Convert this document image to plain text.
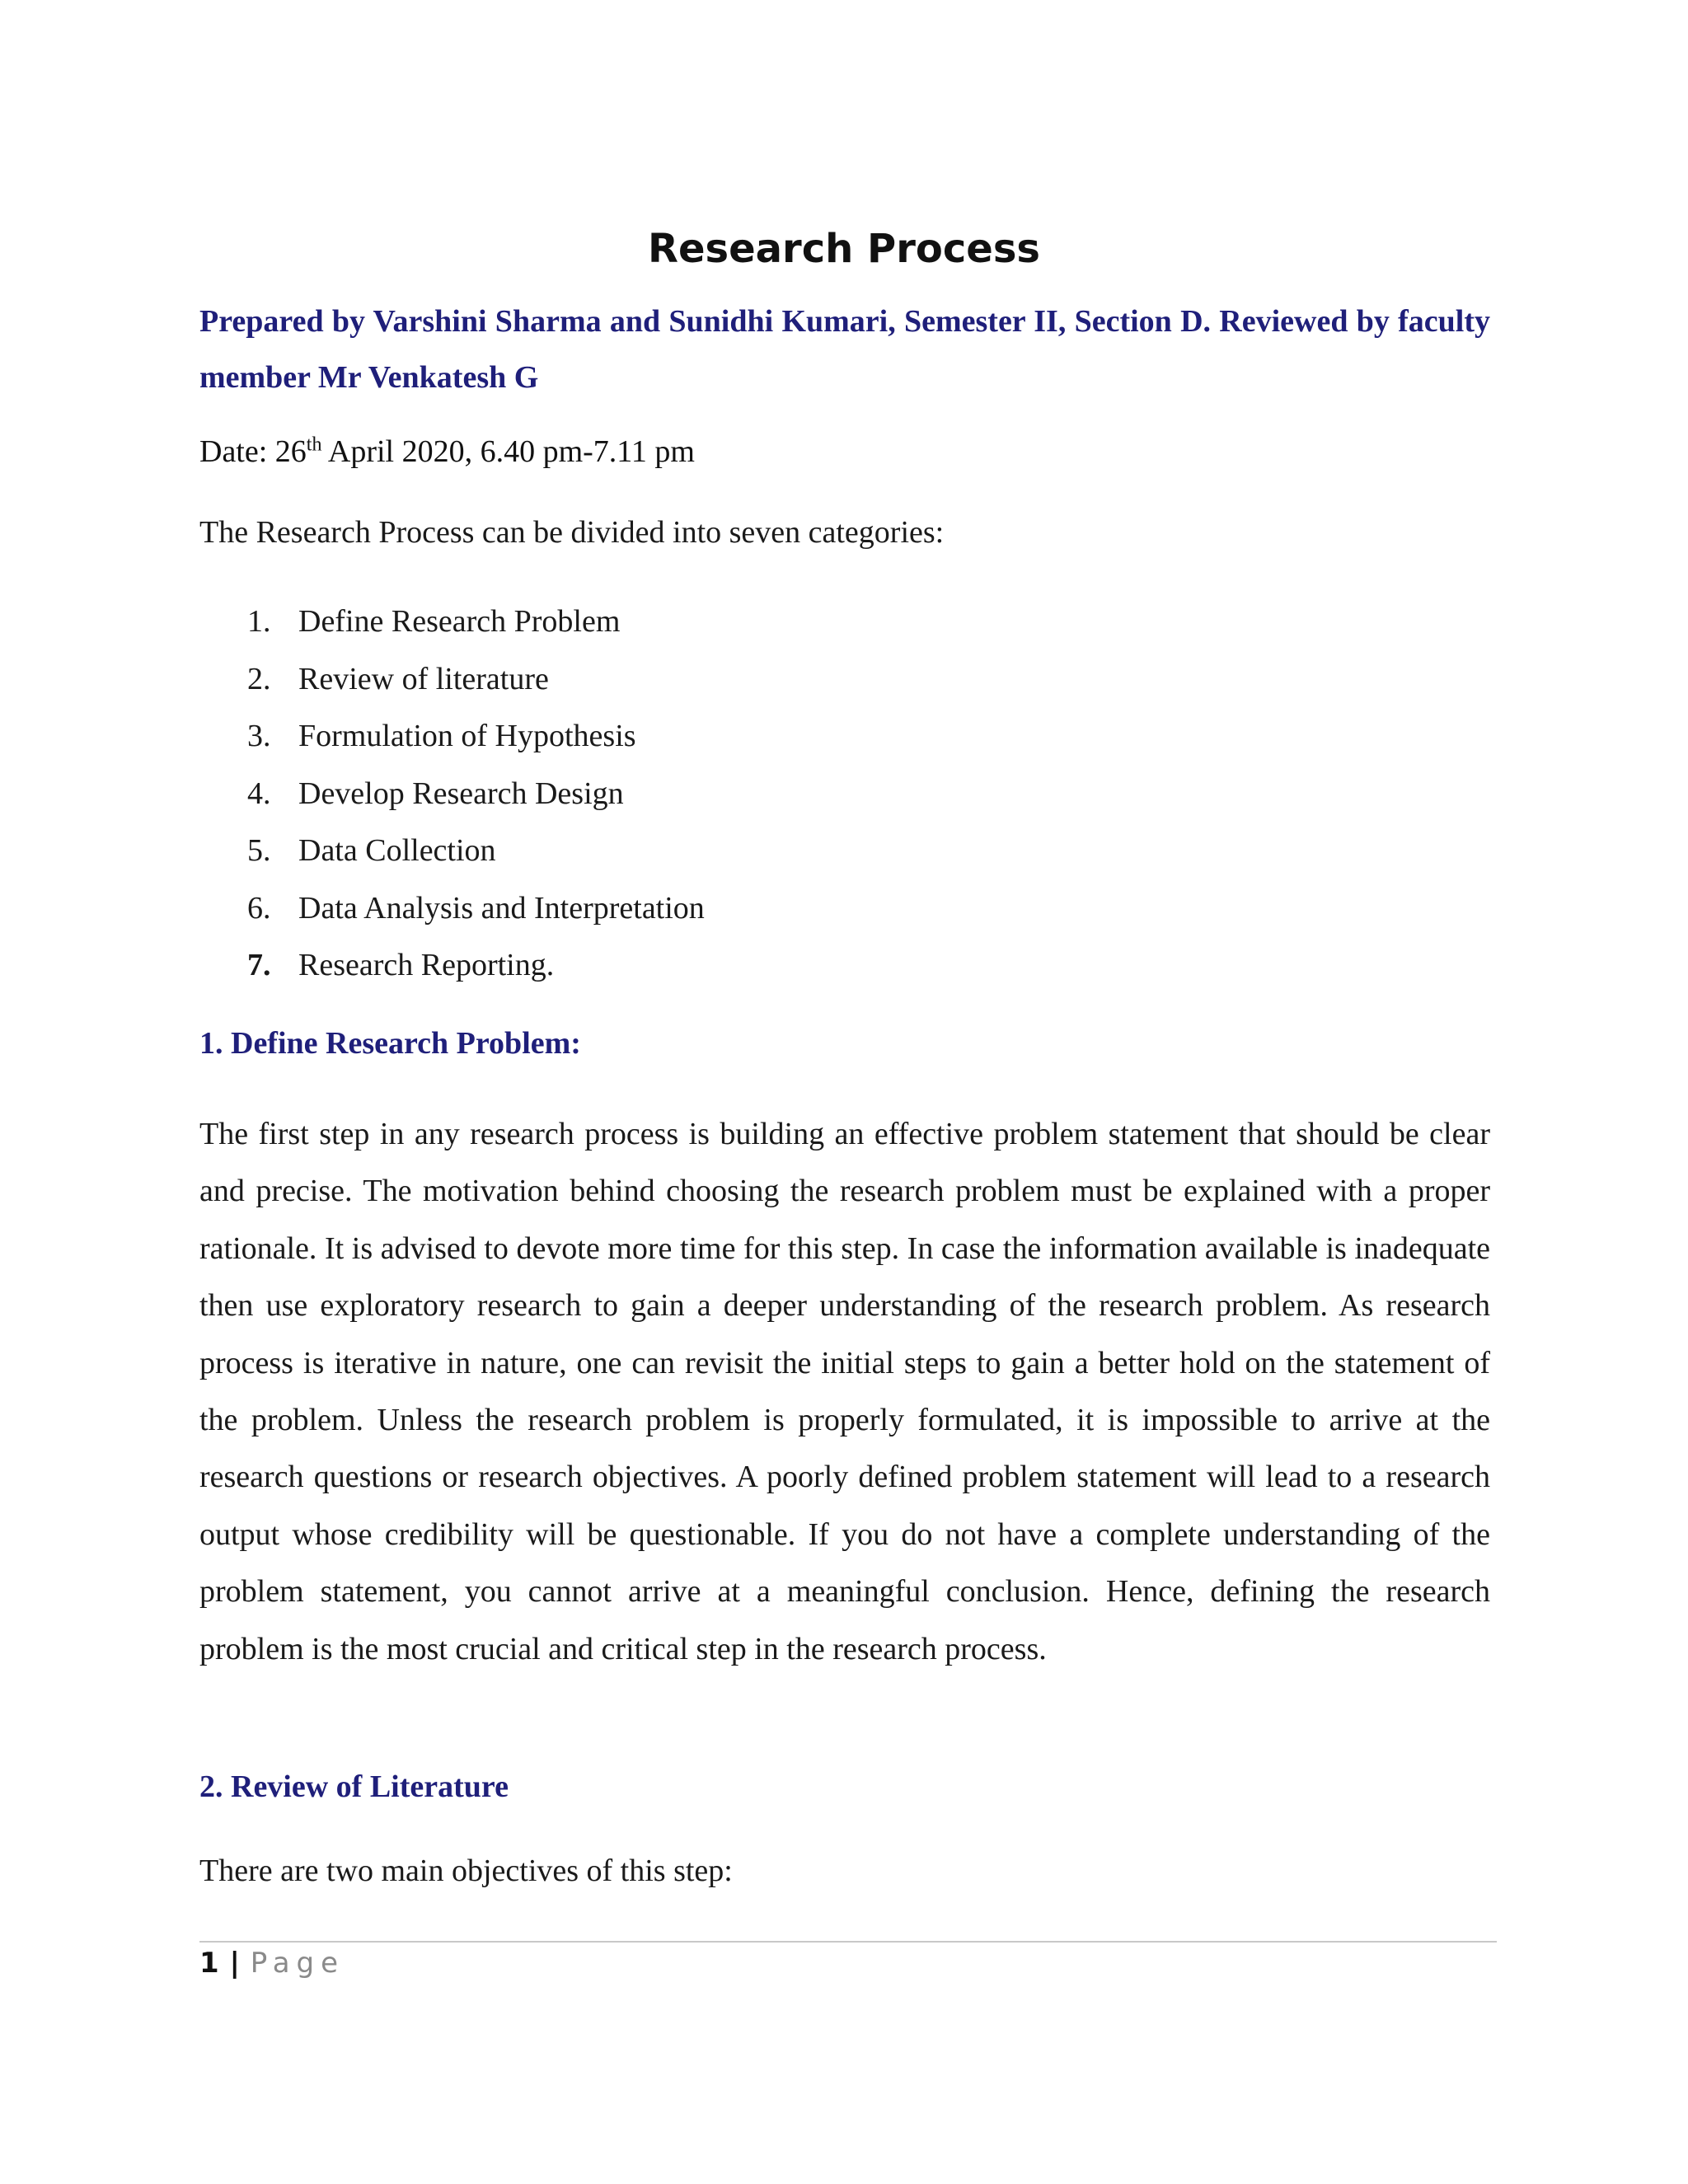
Research Process

Prepared by Varshini Sharma and Sunidhi Kumari, Semester II, Section D. Reviewed by faculty member Mr Venkatesh G

Date: 26th April 2020, 6.40 pm-7.11 pm

The Research Process can be divided into seven categories:

1. Define Research Problem
2. Review of literature
3. Formulation of Hypothesis
4. Develop Research Design
5. Data Collection
6. Data Analysis and Interpretation
7. Research Reporting.
1. Define Research Problem:

The first step in any research process is building an effective problem statement that should be clear and precise. The motivation behind choosing the research problem must be explained with a proper rationale. It is advised to devote more time for this step. In case the information available is inadequate then use exploratory research to gain a deeper understanding of the research problem. As research process is iterative in nature, one can revisit the initial steps to gain a better hold on the statement of the problem. Unless the research problem is properly formulated, it is impossible to arrive at the research questions or research objectives. A poorly defined problem statement will lead to a research output whose credibility will be questionable. If you do not have a complete understanding of the problem statement, you cannot arrive at a meaningful conclusion. Hence, defining the research problem is the most crucial and critical step in the research process.

2. Review of Literature

There are two main objectives of this step:

1 | Page
